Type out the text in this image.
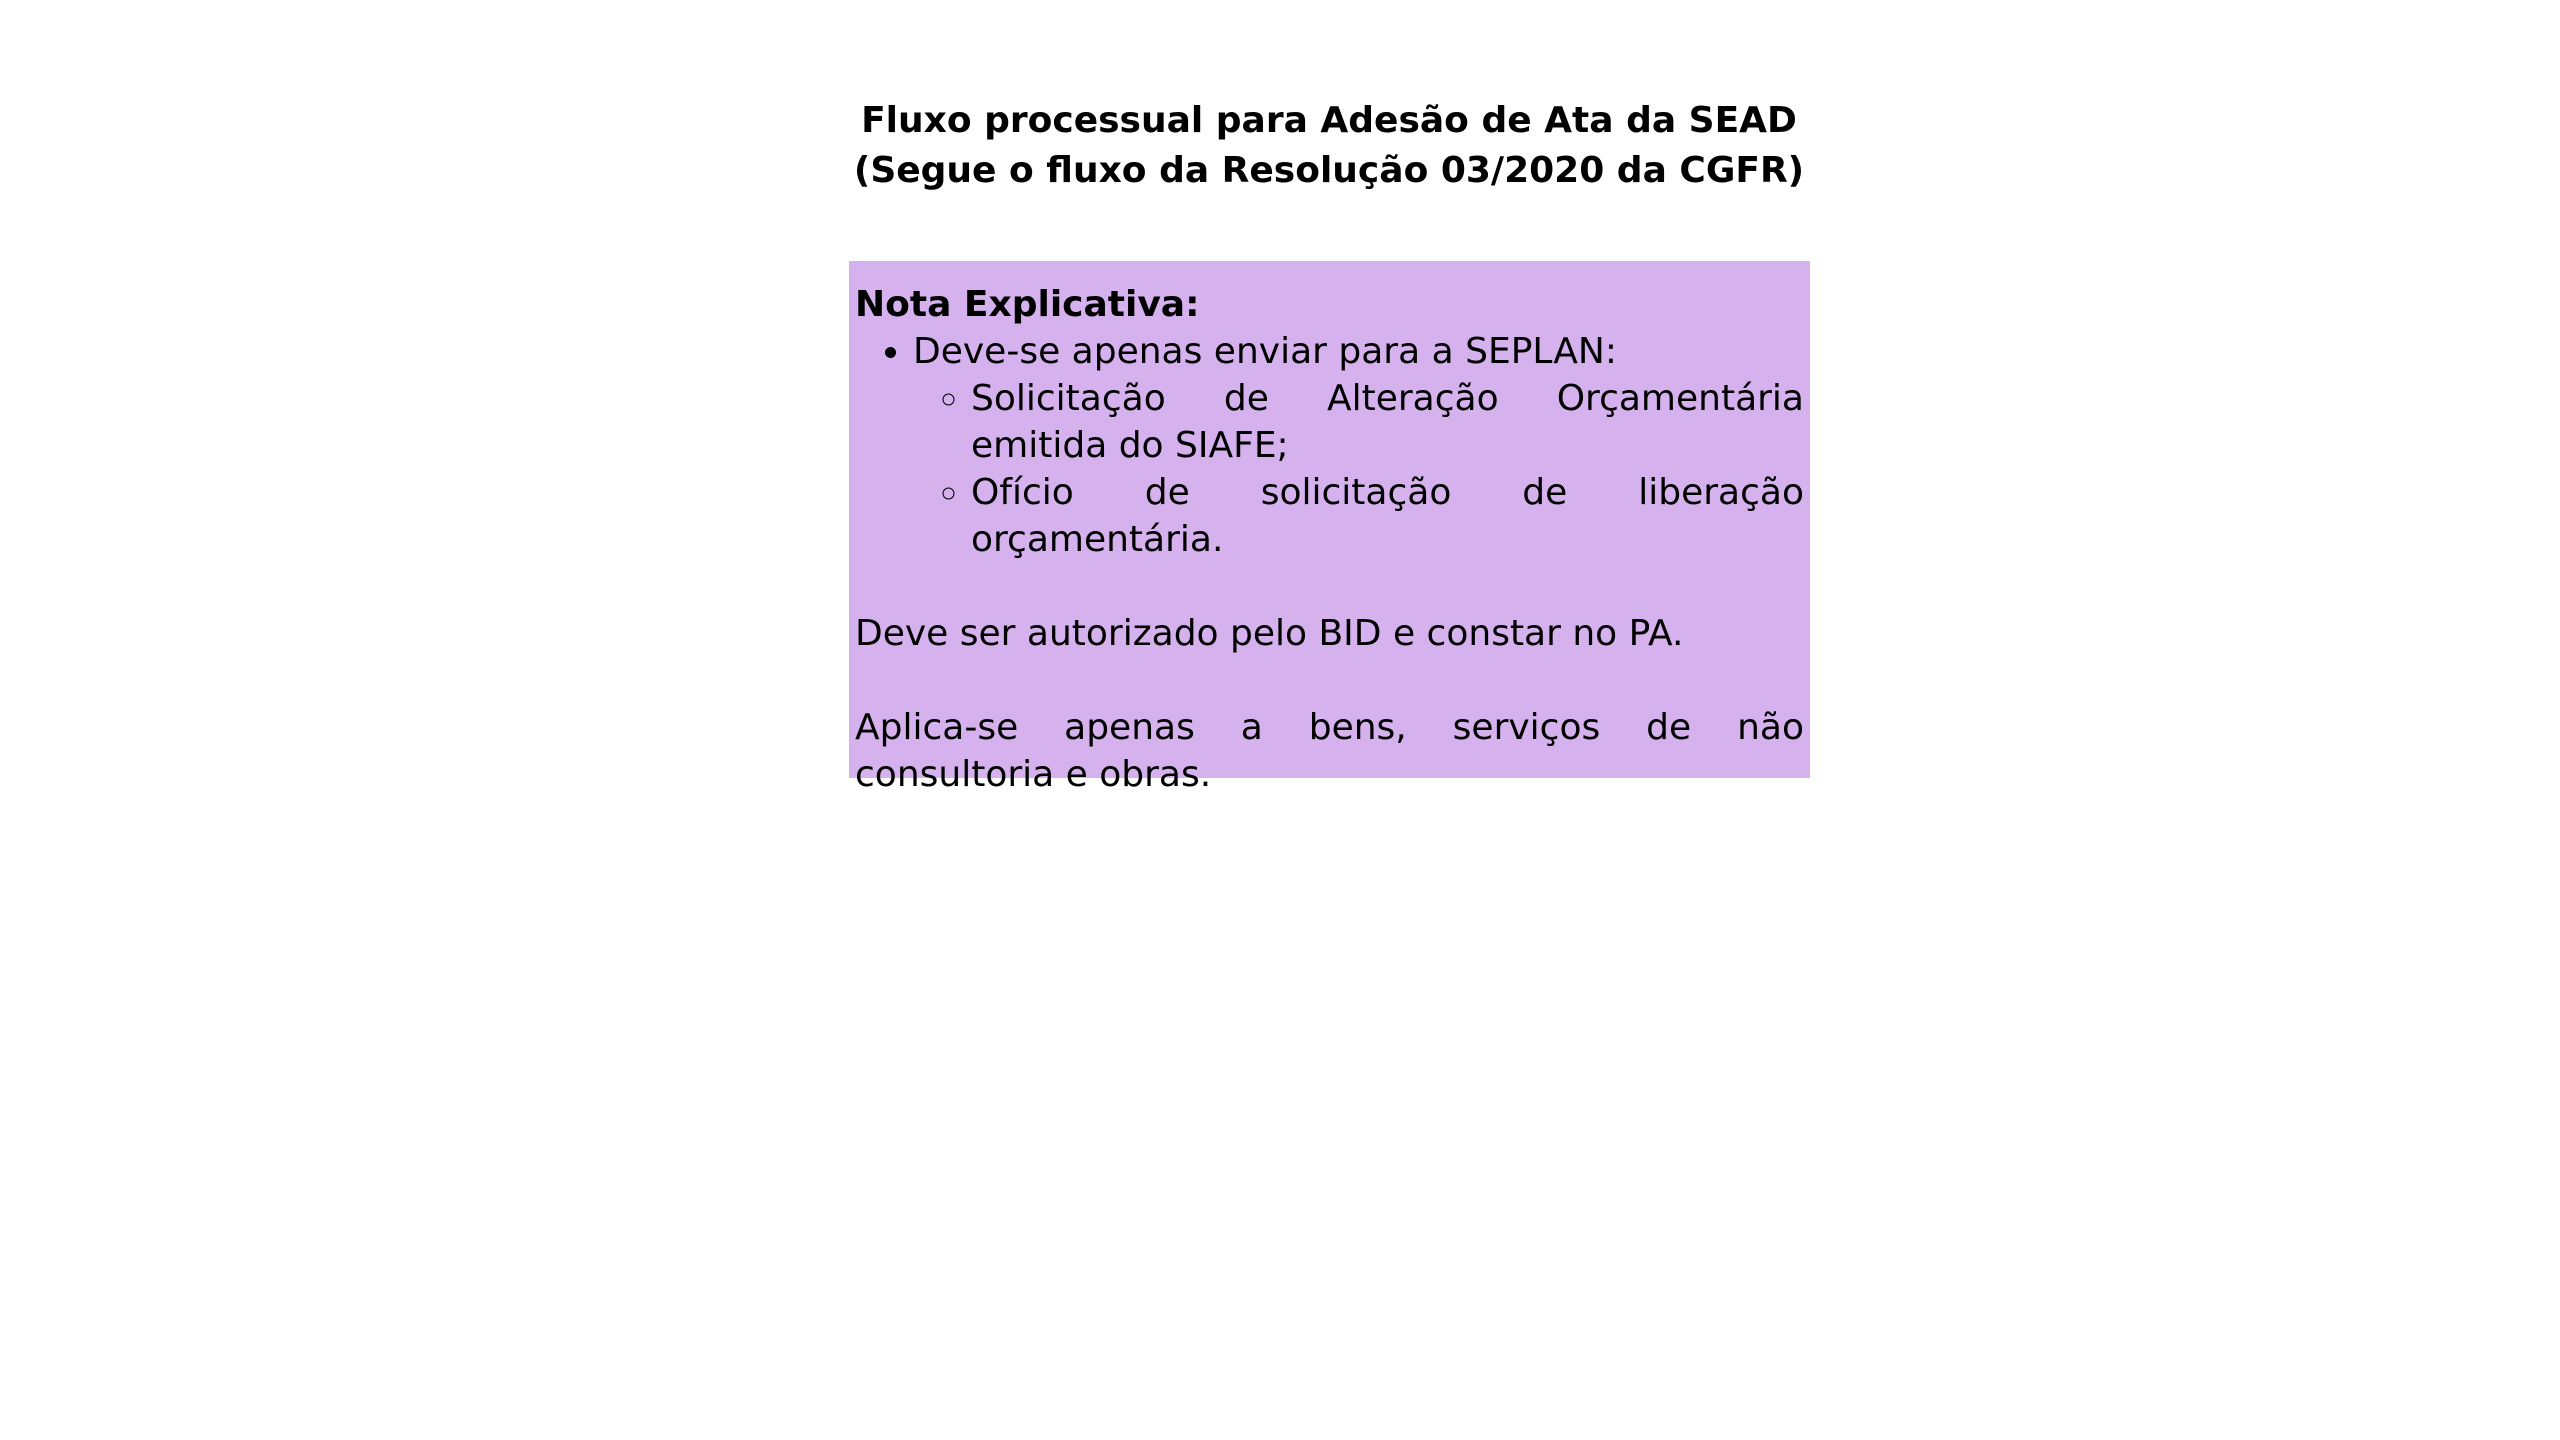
Fluxo processual para Adesão de Ata da SEAD
(Segue o fluxo da Resolução 03/2020 da CGFR)
Nota Explicativa:
• Deve-se apenas enviar para a SEPLAN:
◦ Solicitação de Alteração Orçamentária emitida do SIAFE;
◦ Ofício de solicitação de liberação orçamentária.

Deve ser autorizado pelo BID e constar no PA.

Aplica-se apenas a bens, serviços de não consultoria e obras.
